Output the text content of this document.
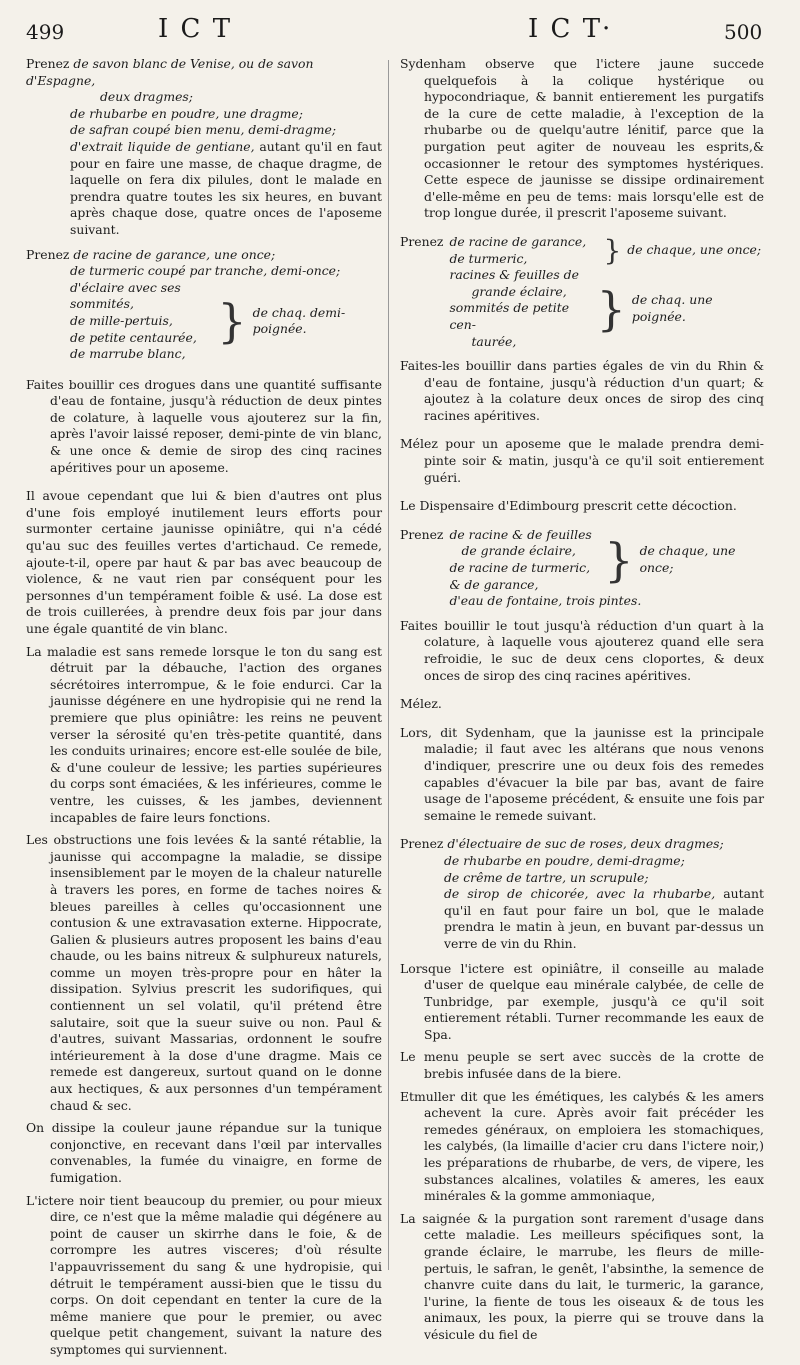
499	I C T	I C T·	500
Prenez de savon blanc de Venise, ou de savon d'Espagne,
deux dragmes;
de rhubarbe en poudre, une dragme;
de safran coupé bien menu, demi-dragme;
d'extrait liquide de gentiane, autant qu'il en faut pour en faire une masse, de chaque dragme, de laquelle on fera dix pilules, dont le malade en prendra quatre toutes les six heures, en buvant après chaque dose, quatre onces de l'aposeme suivant.
Prenez de racine de garance, une once;
de turmeric coupé par tranche, demi-once;
d'éclaire avec ses sommités,
de mille-pertuis,
de petite centaurée,
de marrube blanc,
} de chaq. demi-poignée.

Faites bouillir ces drogues dans une quantité suffisante d'eau de fontaine, jusqu'à réduction de deux pintes de colature, à laquelle vous ajouterez sur la fin, après l'avoir laissé reposer, demi-pinte de vin blanc, & une once & demie de sirop des cinq racines apéritives pour un aposeme.

Il avoue cependant que lui & bien d'autres ont plus d'une fois employé inutilement leurs efforts pour surmonter certaine jaunisse opiniâtre, qui n'a cédé qu'au suc des feuilles vertes d'artichaud. Ce remede, ajoute-t-il, opere par haut & par bas avec beaucoup de violence, & ne vaut rien par conséquent pour les personnes d'un tempérament foible & usé. La dose est de trois cuillerées, à prendre deux fois par jour dans une égale quantité de vin blanc.

La maladie est sans remede lorsque le ton du sang est détruit par la débauche, l'action des organes sécrétoires interrompue, & le foie endurci. Car la jaunisse dégénere en une hydropisie qui ne rend la premiere que plus opiniâtre: les reins ne peuvent verser la sérosité qu'en très-petite quantité, dans les conduits urinaires; encore est-elle soulée de bile, & d'une couleur de lessive; les parties supérieures du corps sont émaciées, & les inférieures, comme le ventre, les cuisses, & les jambes, deviennent incapables de faire leurs fonctions.

Les obstructions une fois levées & la santé rétablie, la jaunisse qui accompagne la maladie, se dissipe insensiblement par le moyen de la chaleur naturelle à travers les pores, en forme de taches noires & bleues pareilles à celles qu'occasionnent une contusion & une extravasation externe. Hippocrate, Galien & plusieurs autres proposent les bains d'eau chaude, ou les bains nitreux & sulphureux naturels, comme un moyen très-propre pour en hâter la dissipation. Sylvius prescrit les sudorifiques, qui contiennent un sel volatil, qu'il prétend être salutaire, soit que la sueur suive ou non. Paul & d'autres, suivant Massarias, ordonnent le soufre intérieurement à la dose d'une dragme. Mais ce remede est dangereux, surtout quand on le donne aux hectiques, & aux personnes d'un tempérament chaud & sec.

On dissipe la couleur jaune répandue sur la tunique conjonctive, en recevant dans l'œil par intervalles convenables, la fumée du vinaigre, en forme de fumigation.

L'ictere noir tient beaucoup du premier, ou pour mieux dire, ce n'est que la même maladie qui dégénere au point de causer un skirrhe dans le foie, & de corrompre les autres visceres; d'où résulte l'appauvrissement du sang & une hydropisie, qui détruit le tempérament aussi-bien que le tissu du corps. On doit cependant en tenter la cure de la même maniere que pour le premier, ou avec quelque petit changement, suivant la nature des symptomes qui surviennent.

Sydenham observe que l'ictere jaune succede quelquefois à la colique hystérique ou hypocondriaque, & bannit entierement les purgatifs de la cure de cette maladie, à l'exception de la rhubarbe ou de quelqu'autre lénitif, parce que la purgation peut agiter de nouveau les esprits,& occasionner le retour des symptomes hystériques. Cette espece de jaunisse se dissipe ordinairement d'elle-même en peu de tems: mais lorsqu'elle est de trop longue durée, il prescrit l'aposeme suivant.

Prenez de racine de garance,
de turmeric,	} de chaque, une once;
racines & feuilles de
grande éclaire,
sommités de petite cen-
taurée,
} de chaq. une poignée.

Faites-les bouillir dans parties égales de vin du Rhin & d'eau de fontaine, jusqu'à réduction d'un quart; & ajoutez à la colature deux onces de sirop des cinq racines apéritives.

Mélez pour un aposeme que le malade prendra demi-pinte soir & matin, jusqu'à ce qu'il soit entierement guéri.

Le Dispensaire d'Edimbourg prescrit cette décoction.

Prenez de racine & de feuilles
de grande éclaire,
de racine de turmeric,
& de garance,	} de chaque, une once;
d'eau de fontaine, trois pintes.

Faites bouillir le tout jusqu'à réduction d'un quart à la colature, à laquelle vous ajouterez quand elle sera refroidie, le suc de deux cens cloportes, & deux onces de sirop des cinq racines apéritives.

Mélez.

Lors, dit Sydenham, que la jaunisse est la principale maladie; il faut avec les altérans que nous venons d'indiquer, prescrire une ou deux fois des remedes capables d'évacuer la bile par bas, avant de faire usage de l'aposeme précédent, & ensuite une fois par semaine le remede suivant.

Prenez d'électuaire de suc de roses, deux dragmes;
de rhubarbe en poudre, demi-dragme;
de crême de tartre, un scrupule;
de sirop de chicorée, avec la rhubarbe, autant qu'il en faut pour faire un bol, que le malade prendra le matin à jeun, en buvant par-dessus un verre de vin du Rhin.

Lorsque l'ictere est opiniâtre, il conseille au malade d'user de quelque eau minérale calybée, de celle de Tunbridge, par exemple, jusqu'à ce qu'il soit entierement rétabli. Turner recommande les eaux de Spa.

Le menu peuple se sert avec succès de la crotte de brebis infusée dans de la biere.

Etmuller dit que les émétiques, les calybés & les amers achevent la cure. Après avoir fait précéder les remedes généraux, on emploiera les stomachiques, les calybés, (la limaille d'acier cru dans l'ictere noir,) les préparations de rhubarbe, de vers, de vipere, les substances alcalines, volatiles & ameres, les eaux minérales & la gomme ammoniaque,

La saignée & la purgation sont rarement d'usage dans cette maladie. Les meilleurs spécifiques sont, la grande éclaire, le marrube, les fleurs de mille-pertuis, le safran, le genêt, l'absinthe, la semence de chanvre cuite dans du lait, le turmeric, la garance, l'urine, la fiente de tous les oiseaux & de tous les animaux, les poux, la pierre qui se trouve dans la vésicule du fiel de
